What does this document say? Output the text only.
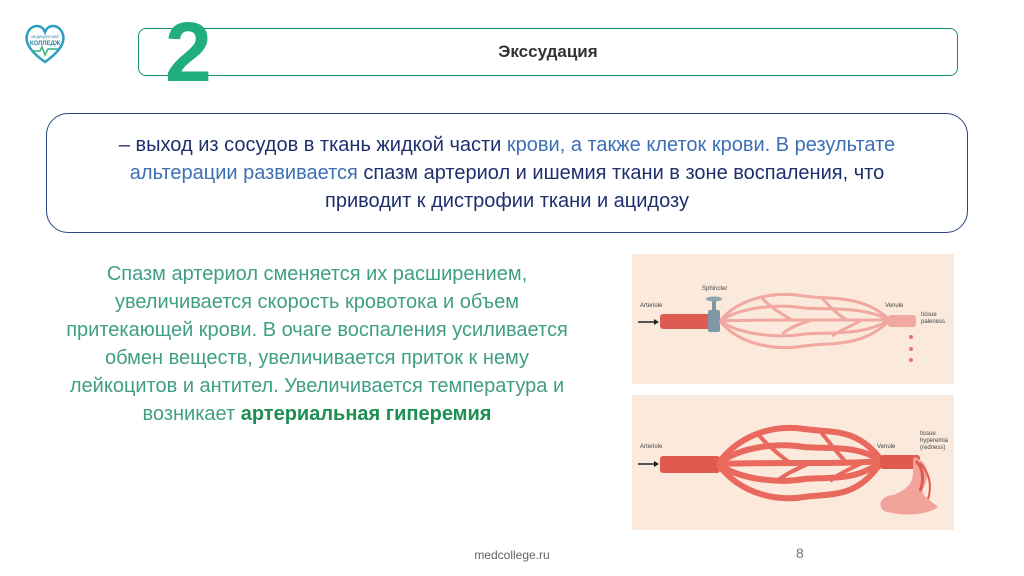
МЕДИЦИНСКИЙ
КОЛЛЕДЖ	Экссудация
2
– выход из сосудов в ткань жидкой части крови, а также клеток крови. В результате альтерации развивается спазм артериол и ишемия ткани в зоне воспаления, что приводит к дистрофии ткани и ацидозу
Спазм артериол сменяется их расширением, увеличивается скорость кровотока и объем притекающей крови. В очаге воспаления усиливается обмен веществ, увеличивается приток к нему лейкоцитов и антител. Увеличивается температура и возникает артериальная гиперемия
Arteriole
Sphincter
Venule
tissue
paleness
Arteriole	Venule
tissue
hyperemia
(redness)
medcollege.ru	8
